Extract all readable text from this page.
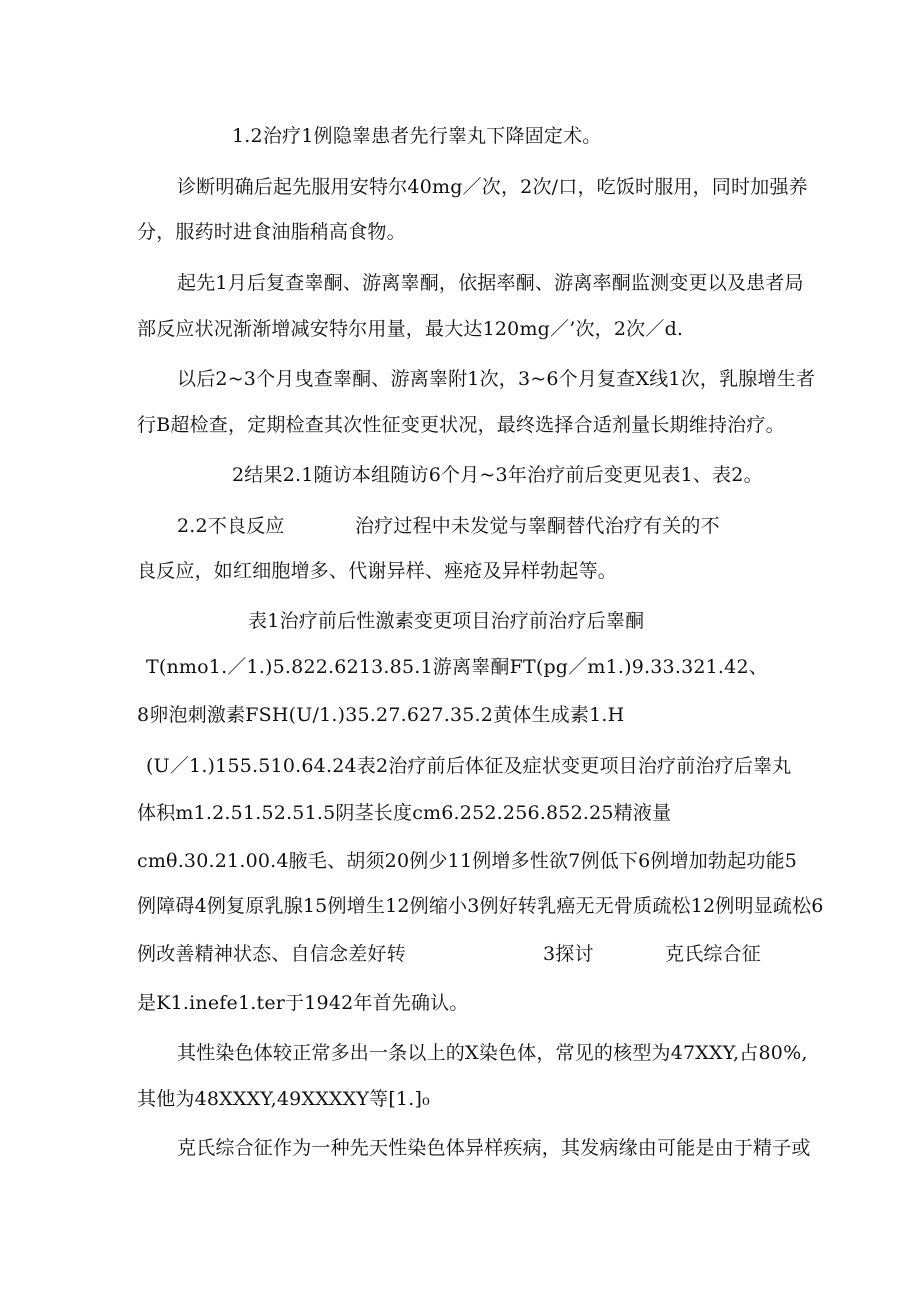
1.2治疗1例隐睾患者先行睾丸下降固定术。
诊断明确后起先服用安特尔40mg／次，2次/口，吃饭时服用，同时加强养
分，服药时进食油脂稍高食物。
起先1月后复查睾酮、游离睾酮，依据率酮、游离率酮监测变更以及患者局
部反应状况渐渐增减安特尔用量，最大达120mg／’次，2次／d.
以后2~3个月曳查睾酮、游离睾附1次，3~6个月复查X线1次，乳腺增生者
行B超检查，定期检查其次性征变更状况，最终选择合适剂量长期维持治疗。
2结果2.1随访本组随访6个月~3年治疗前后变更见表1、表2。
2.2不良反应	治疗过程中未发觉与睾酮替代治疗有关的不
良反应，如红细胞增多、代谢异样、痤疮及异样勃起等。
表1治疗前后性激素变更项目治疗前治疗后睾酮
T(nmo1.／1.)5.822.6213.85.1游离睾酮FT(pg／m1.)9.33.321.42、
8卵泡刺激素FSH(U/1.)35.27.627.35.2黄体生成素1.H
(U／1.)155.510.64.24表2治疗前后体征及症状变更项目治疗前治疗后睾丸
体积m1.2.51.52.51.5阴茎长度cm6.252.256.852.25精液量
cmθ.30.21.00.4腋毛、胡须20例少11例增多性欲7例低下6例增加勃起功能5
例障碍4例复原乳腺15例增生12例缩小3例好转乳癌无无骨质疏松12例明显疏松6
例改善精神状态、自信念差好转	3探讨	克氏综合征
是K1.inefe1.ter于1942年首先确认。
其性染色体较正常多出一条以上的X染色体，常见的核型为47XXY,占80%,
其他为48XXXY,49XXXXY等[1.]₀
克氏综合征作为一种先天性染色体异样疾病，其发病缘由可能是由于精子或
